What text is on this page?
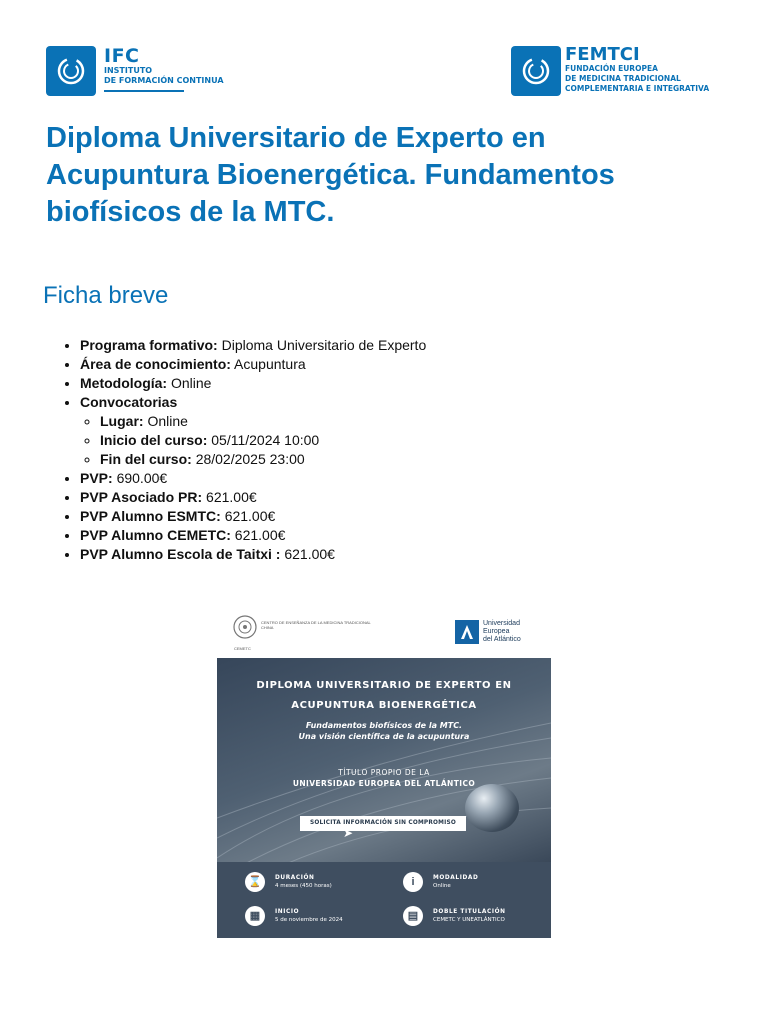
IFC
INSTITUTO
DE FORMACIÓN CONTINUA
FEMTCI
FUNDACIÓN EUROPEA
DE MEDICINA TRADICIONAL
COMPLEMENTARIA E INTEGRATIVA
Diploma Universitario de Experto en Acupuntura Bioenergética. Fundamentos biofísicos de la MTC.
Ficha breve
• Programa formativo: Diploma Universitario de Experto
• Área de conocimiento: Acupuntura
• Metodología: Online
• Convocatorias
◦ Lugar: Online
◦ Inicio del curso: 05/11/2024 10:00
◦ Fin del curso: 28/02/2025 23:00
• PVP: 690.00€
• PVP Asociado PR: 621.00€
• PVP Alumno ESMTC: 621.00€
• PVP Alumno CEMETC: 621.00€
• PVP Alumno Escola de Taitxi : 621.00€
CENTRO DE ENSEÑANZA DE LA MEDICINA TRADICIONAL CHINA
CEMETC
Universidad
Europea
del Atlántico
DIPLOMA UNIVERSITARIO DE EXPERTO EN
ACUPUNTURA BIOENERGÉTICA
Fundamentos biofísicos de la MTC.
Una visión científica de la acupuntura
TÍTULO PROPIO DE LA
UNIVERSIDAD EUROPEA DEL ATLÁNTICO
SOLICITA INFORMACIÓN SIN COMPROMISO
➤
⌛	DURACIÓN
4 meses (450 horas)	i	MODALIDAD
Online
▦	INICIO
5 de noviembre de 2024	▤	DOBLE TITULACIÓN
CEMETC Y UNEATLÁNTICO
